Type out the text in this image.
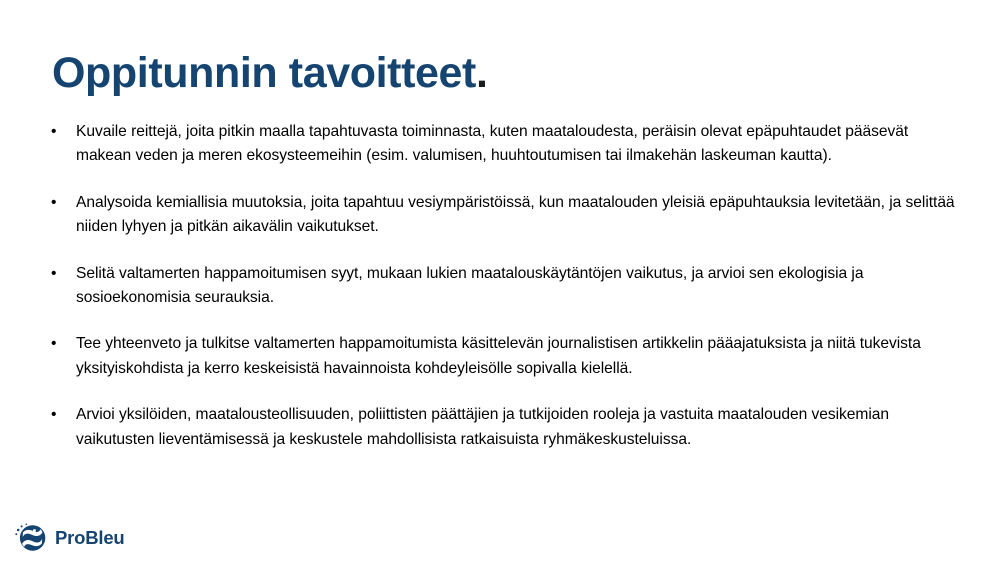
Oppitunnin tavoitteet.
•	Kuvaile reittejä, joita pitkin maalla tapahtuvasta toiminnasta, kuten maataloudesta, peräisin olevat epäpuhtaudet pääsevät makean veden ja meren ekosysteemeihin (esim. valumisen, huuhtoutumisen tai ilmakehän laskeuman kautta).
•	Analysoida kemiallisia muutoksia, joita tapahtuu vesiympäristöissä, kun maatalouden yleisiä epäpuhtauksia levitetään, ja selittää niiden lyhyen ja pitkän aikavälin vaikutukset.
•	Selitä valtamerten happamoitumisen syyt, mukaan lukien maatalouskäytäntöjen vaikutus, ja arvioi sen ekologisia ja sosioekonomisia seurauksia.
•	Tee yhteenveto ja tulkitse valtamerten happamoitumista käsittelevän journalistisen artikkelin pääajatuksista ja niitä tukevista yksityiskohdista ja kerro keskeisistä havainnoista kohdeyleisölle sopivalla kielellä.
•	Arvioi yksilöiden, maatalousteollisuuden, poliittisten päättäjien ja tutkijoiden rooleja ja vastuita maatalouden vesikemian vaikutusten lieventämisessä ja keskustele mahdollisista ratkaisuista ryhmäkeskusteluissa.
ProBleu
